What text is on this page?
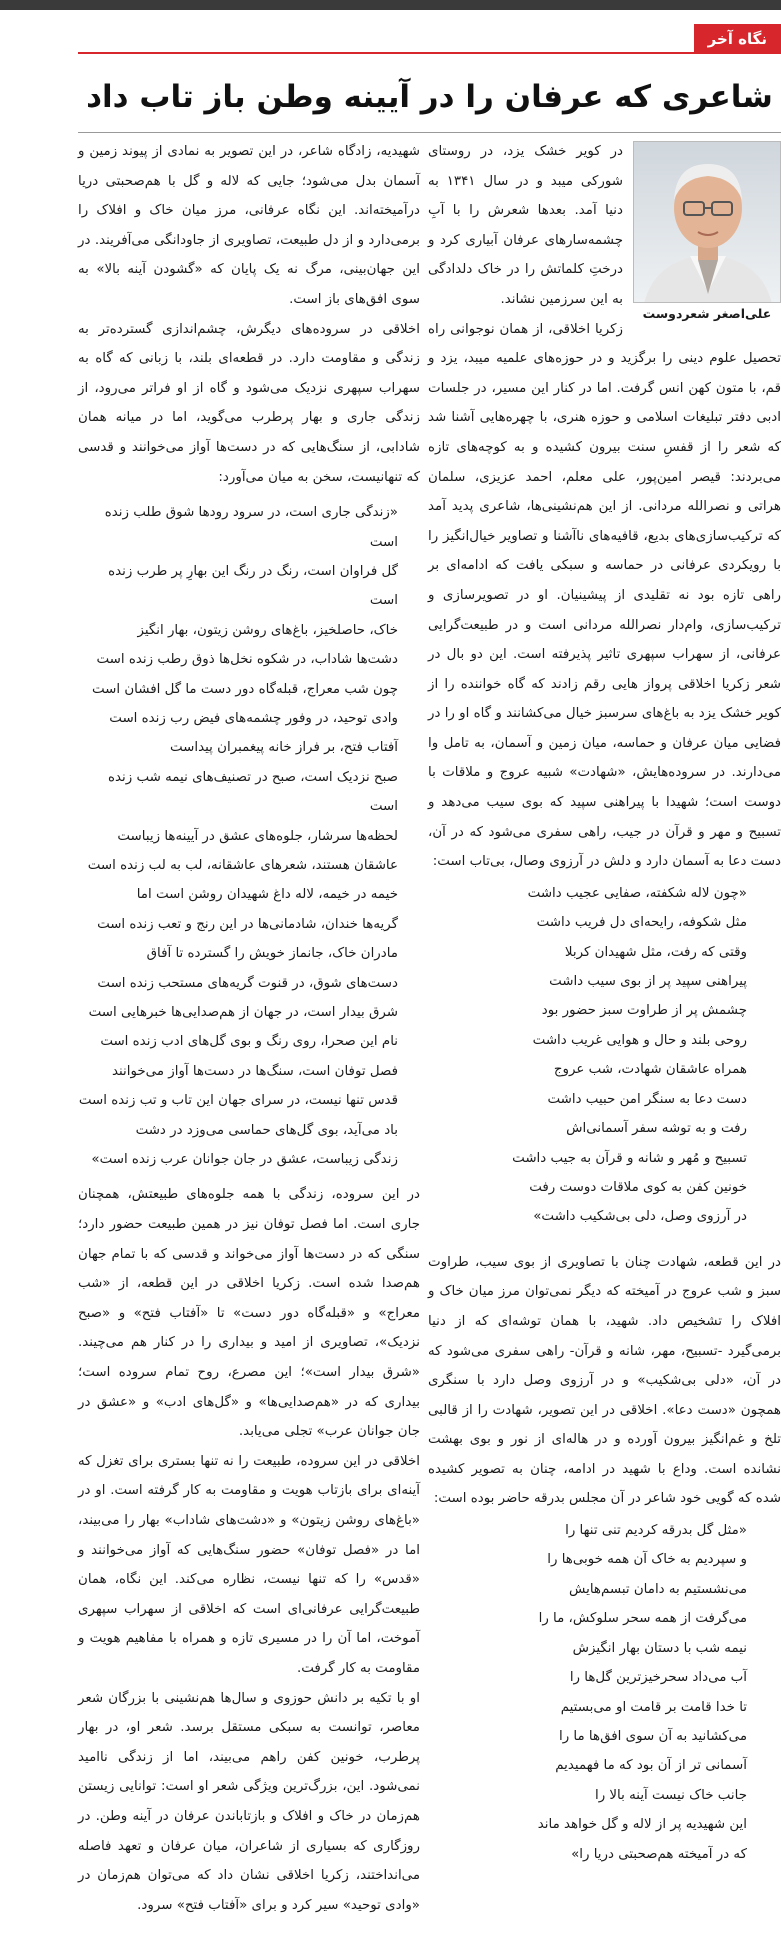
نگاه آخر
شاعری که عرفان را در آیینه وطن باز تاب داد
علی‌اصغر شعردوست

در کویر خشک یزد، در روستای شورکی میبد و در سال ۱۳۴۱ به دنیا آمد. بعدها شعرش را با آبِ چشمه‌سارهای عرفان آبیاری کرد و درختِ کلماتش را در خاک دلدادگی به این سرزمین نشاند.

زکریا اخلاقی، از همان نوجوانی راه تحصیل علوم دینی را برگزید و در حوزه‌های علمیه میبد، یزد و قم، با متون کهن انس گرفت. اما در کنار این مسیر، در جلسات ادبی دفتر تبلیغات اسلامی و حوزه هنری، با چهره‌هایی آشنا شد که شعر را از قفسِ سنت بیرون کشیده و به کوچه‌های تازه می‌بردند: قیصر امین‌پور، علی معلم، احمد عزیزی، سلمان هراتی و نصرالله مردانی. از این هم‌نشینی‌ها، شاعری پدید آمد که ترکیب‌سازی‌های بدیع، قافیه‌های ناآشنا و تصاویر خیال‌انگیز را با رویکردی عرفانی در حماسه و سبکی یافت که ادامه‌ای بر راهی تازه بود نه تقلیدی از پیشینیان. او در تصویرسازی و ترکیب‌سازی، وام‌دار نصرالله مردانی است و در طبیعت‌گرایی عرفانی، از سهراب سپهری تاثیر پذیرفته است. این دو بال در شعر زکریا اخلاقی پرواز هایی رقم زادند که گاه خواننده را از کویر خشک یزد به باغ‌های سرسبز خیال می‌کشانند و گاه او را در فضایی میان عرفان و حماسه، میان زمین و آسمان، به تامل وا می‌دارند. در سروده‌هایش، «شهادت» شبیه عروج و ملاقات با دوست است؛ شهیدا با پیراهنی سپید که بوی سیب می‌دهد و تسبیح و مهر و قرآن در جیب، راهی سفری می‌شود که در آن، دست دعا به آسمان دارد و دلش در آرزوی وصال، بی‌تاب است:

«چون لاله شکفته، صفایی عجیب داشت
مثل شکوفه، رایحه‌ای دل فریب داشت
وقتی که رفت، مثل شهیدان کربلا
پیراهنی سپید پر از بوی سیب داشت
چشمش پر از طراوت سبز حضور بود
روحی بلند و حال و هوایی غریب داشت
همراه عاشقان شهادت، شب عروج
دست دعا به سنگر امن حبیب داشت
رفت و به توشه سفر آسمانی‌اش
تسبیح و مُهر و شانه و قرآن به جیب داشت
خونین کفن به کوی ملاقات دوست رفت
در آرزوی وصل، دلی بی‌شکیب داشت»

در این قطعه، شهادت چنان با تصاویری از بوی سیب، طراوت سبز و شب عروج در آمیخته که دیگر نمی‌توان مرز میان خاک و افلاک را تشخیص داد. شهید، با همان توشه‌ای که از دنیا برمی‌گیرد -تسبیح، مهر، شانه و قرآن- راهی سفری می‌شود که در آن، «دلی بی‌شکیب» و در آرزوی وصل دارد با سنگری همچون «دست دعا». اخلاقی در این تصویر، شهادت را از قالبی تلخ و غم‌انگیز بیرون آورده و در هاله‌ای از نور و بوی بهشت نشانده است. وداع با شهید در ادامه، چنان به تصویر کشیده شده که گویی خود شاعر در آن مجلس بدرقه حاضر بوده است:

«مثل گل بدرقه کردیم تنی تنها را
و سپردیم به خاک آن همه خوبی‌ها را
می‌نشستیم به دامان تبسم‌هایش
می‌گرفت از همه سحر سلوکش، ما را
نیمه شب با دستان بهار انگیزش
آب می‌داد سحرخیزترین گل‌ها را
تا خدا قامت بر قامت او می‌بستیم
می‌کشانید به آن سوی افق‌ها ما را
آسمانی تر از آن بود که ما فهمیدیم
جانب خاک نیست آینه بالا را
این شهیدیه پر از لاله و گل خواهد ماند
که در آمیخته هم‌صحبتی دریا را»

شهیدیه، زادگاه شاعر، در این تصویر به نمادی از پیوند زمین و آسمان بدل می‌شود؛ جایی که لاله و گل با هم‌صحبتی دریا درآمیخته‌اند. این نگاه عرفانی، مرز میان خاک و افلاک را برمی‌دارد و از دل طبیعت، تصاویری از جاودانگی می‌آفریند. در این جهان‌بینی، مرگ نه یک پایان که «گشودن آینه بالا» به سوی افق‌های باز است.

اخلاقی در سروده‌های دیگرش، چشم‌اندازی گسترده‌تر به زندگی و مقاومت دارد. در قطعه‌ای بلند، با زبانی که گاه به سهراب سپهری نزدیک می‌شود و گاه از او فراتر می‌رود، از زندگی جاری و بهار پرطرب می‌گوید، اما در میانه همان شادابی، از سنگ‌هایی که در دست‌ها آواز می‌خوانند و قدسی که تنهانیست، سخن به میان می‌آورد:

«زندگی جاری است، در سرود رودها شوق طلب زنده است
گل فراوان است، رنگ در رنگ این بهارِ پر طرب زنده است
خاک، حاصلخیز، باغ‌های روشن زیتون، بهار انگیز
دشت‌ها شاداب، در شکوه نخل‌ها ذوق رطب زنده است
چون شب معراج، قبله‌گاه دور دست ما گل افشان است
وادی توحید، در وفور چشمه‌های فیض رب زنده است
آفتاب فتح، بر فراز خانه پیغمبران پیداست
صبح نزدیک است، صبح در تصنیف‌های نیمه شب زنده است
لحظه‌ها سرشار، جلوه‌های عشق در آیینه‌ها زیباست
عاشقان هستند، شعرهای عاشقانه، لب به لب زنده است
خیمه در خیمه، لاله داغ شهیدان روشن است اما
گریه‌ها خندان، شادمانی‌ها در این رنج و تعب زنده است
مادران خاک، جانماز خویش را گسترده تا آفاق
دست‌های شوق، در قنوت گریه‌های مستحب زنده است
شرق بیدار است، در جهان از هم‌صدایی‌ها خبرهایی است
نام این صحرا، روی رنگ و بوی گل‌های ادب زنده است
فصل توفان است، سنگ‌ها در دست‌ها آواز می‌خوانند
قدس تنها نیست، در سرای جهان این تاب و تب زنده است
باد می‌آید، بوی گل‌های حماسی می‌وزد در دشت
زندگی زیباست، عشق در جان جوانان عرب زنده است»

در این سروده، زندگی با همه جلوه‌های طبیعتش، همچنان جاری است. اما فصل توفان نیز در همین طبیعت حضور دارد؛ سنگی که در دست‌ها آواز می‌خواند و قدسی که با تمام جهان هم‌صدا شده است. زکریا اخلاقی در این قطعه، از «شب معراج» و «قبله‌گاه دور دست» تا «آفتاب فتح» و «صبح نزدیک»، تصاویری از امید و بیداری را در کنار هم می‌چیند. «شرق بیدار است»؛ این مصرع، روح تمام سروده است؛ بیداری که در «هم‌صدایی‌ها» و «گل‌های ادب» و «عشق در جان جوانان عرب» تجلی می‌یابد.

اخلاقی در این سروده، طبیعت را نه تنها بستری برای تغزل که آینه‌ای برای بازتاب هویت و مقاومت به کار گرفته است. او در «باغ‌های روشن زیتون» و «دشت‌های شاداب» بهار را می‌بیند، اما در «فصل توفان» حضور سنگ‌هایی که آواز می‌خوانند و «قدس» را که تنها نیست، نظاره می‌کند. این نگاه، همان طبیعت‌گرایی عرفانی‌ای است که اخلاقی از سهراب سپهری آموخت، اما آن را در مسیری تازه و همراه با مفاهیم هویت و مقاومت به کار گرفت.

او با تکیه بر دانش حوزوی و سال‌ها هم‌نشینی با بزرگان شعر معاصر، توانست به سبکی مستقل برسد. شعر او، در بهار پرطرب، خونین کفن راهم می‌بیند، اما از زندگی ناامید نمی‌شود. این، بزرگ‌ترین ویژگی شعر او است: توانایی زیستن هم‌زمان در خاک و افلاک و بازتاباندن عرفان در آینه وطن. در روزگاری که بسیاری از شاعران، میان عرفان و تعهد فاصله می‌انداختند، زکریا اخلاقی نشان داد که می‌توان هم‌زمان در «وادی توحید» سیر کرد و برای «آفتاب فتح» سرود.
